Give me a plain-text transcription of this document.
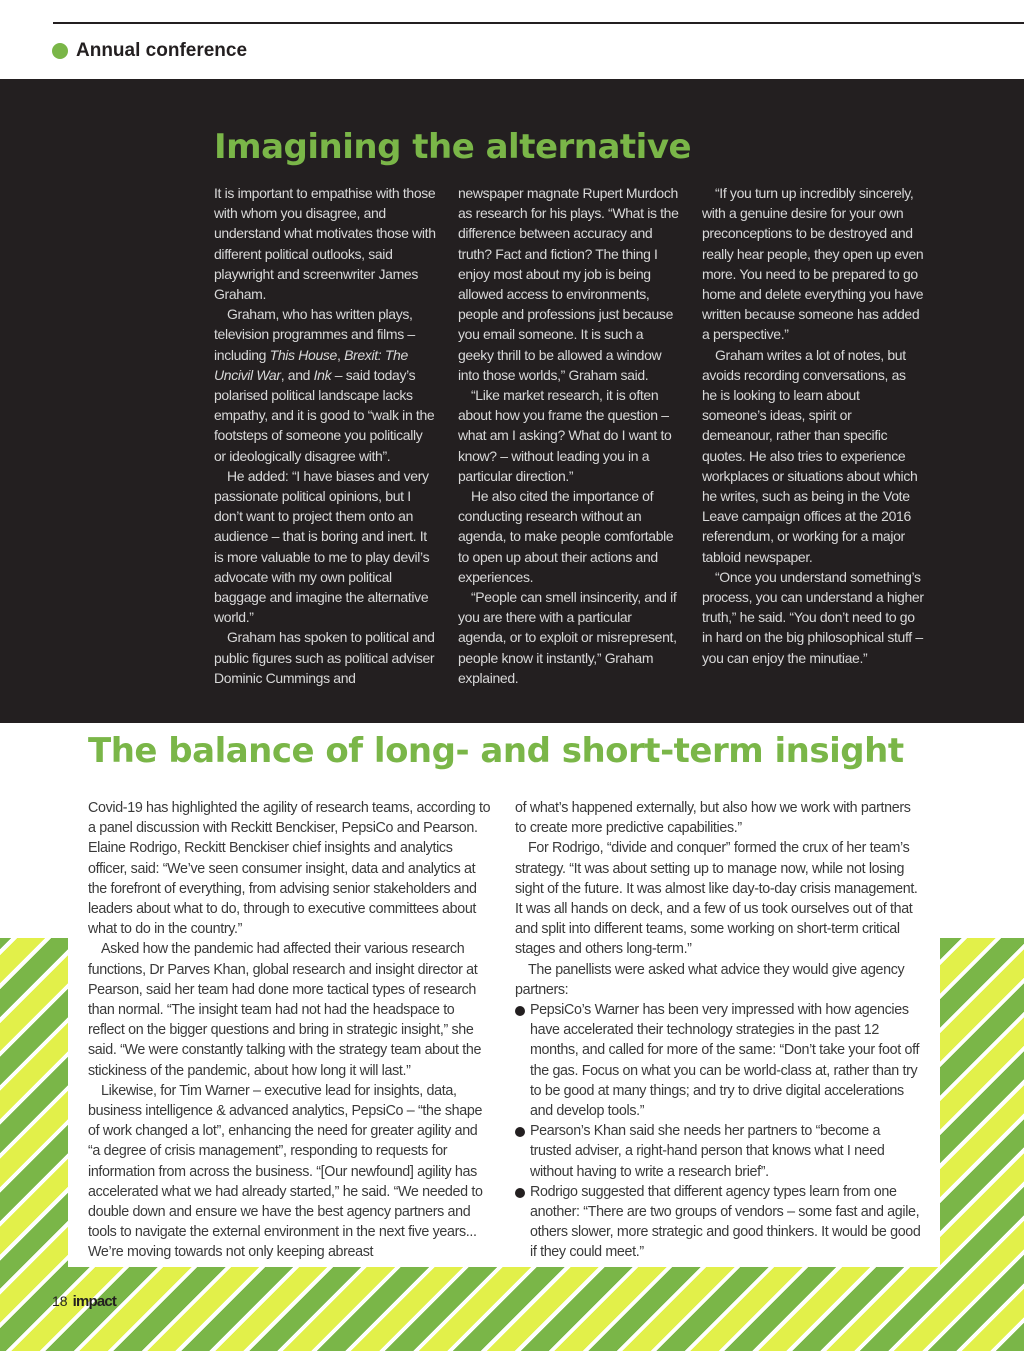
Annual conference
Imagining the alternative

It is important to empathise with those with whom you disagree, and understand what motivates those with different political outlooks, said playwright and screenwriter James Graham.

Graham, who has written plays, television programmes and films – including This House, Brexit: The Uncivil War, and Ink – said today’s polarised political landscape lacks empathy, and it is good to “walk in the footsteps of someone you politically or ideologically disagree with”.

He added: “I have biases and very passionate political opinions, but I don’t want to project them onto an audience – that is boring and inert. It is more valuable to me to play devil’s advocate with my own political baggage and imagine the alternative world.”

Graham has spoken to political and public figures such as political adviser Dominic Cummings and

newspaper magnate Rupert Murdoch as research for his plays. “What is the difference between accuracy and truth? Fact and fiction? The thing I enjoy most about my job is being allowed access to environments, people and professions just because you email someone. It is such a geeky thrill to be allowed a window into those worlds,” Graham said.

“Like market research, it is often about how you frame the question – what am I asking? What do I want to know? – without leading you in a particular direction.”

He also cited the importance of conducting research without an agenda, to make people comfortable to open up about their actions and experiences.

“People can smell insincerity, and if you are there with a particular agenda, or to exploit or misrepresent, people know it instantly,” Graham explained.

“If you turn up incredibly sincerely, with a genuine desire for your own preconceptions to be destroyed and really hear people, they open up even more. You need to be prepared to go home and delete everything you have written because someone has added a perspective.”

Graham writes a lot of notes, but avoids recording conversations, as he is looking to learn about someone’s ideas, spirit or demeanour, rather than specific quotes. He also tries to experience workplaces or situations about which he writes, such as being in the Vote Leave campaign offices at the 2016 referendum, or working for a major tabloid newspaper.

“Once you understand something’s process, you can understand a higher truth,” he said. “You don’t need to go in hard on the big philosophical stuff – you can enjoy the minutiae.”

The balance of long- and short-term insight

Covid-19 has highlighted the agility of research teams, according to a panel discussion with Reckitt Benckiser, PepsiCo and Pearson. Elaine Rodrigo, Reckitt Benckiser chief insights and analytics officer, said: “We’ve seen consumer insight, data and analytics at the forefront of everything, from advising senior stakeholders and leaders about what to do, through to executive committees about what to do in the country.”

Asked how the pandemic had affected their various research functions, Dr Parves Khan, global research and insight director at Pearson, said her team had done more tactical types of research than normal. “The insight team had not had the headspace to reflect on the bigger questions and bring in strategic insight,” she said. “We were constantly talking with the strategy team about the stickiness of the pandemic, about how long it will last.”

Likewise, for Tim Warner – executive lead for insights, data, business intelligence & advanced analytics, PepsiCo – “the shape of work changed a lot”, enhancing the need for greater agility and “a degree of crisis management”, responding to requests for information from across the business. “[Our newfound] agility has accelerated what we had already started,” he said. “We needed to double down and ensure we have the best agency partners and tools to navigate the external environment in the next five years... We’re moving towards not only keeping abreast

of what’s happened externally, but also how we work with partners to create more predictive capabilities.”

For Rodrigo, “divide and conquer” formed the crux of her team’s strategy. “It was about setting up to manage now, while not losing sight of the future. It was almost like day-to-day crisis management. It was all hands on deck, and a few of us took ourselves out of that and split into different teams, some working on short-term critical stages and others long-term.”

The panellists were asked what advice they would give agency partners:

PepsiCo’s Warner has been very impressed with how agencies have accelerated their technology strategies in the past 12 months, and called for more of the same: “Don’t take your foot off the gas. Focus on what you can be world-class at, rather than try to be good at many things; and try to drive digital accelerations and develop tools.”
Pearson’s Khan said she needs her partners to “become a trusted adviser, a right-hand person that knows what I need without having to write a research brief”.
Rodrigo suggested that different agency types learn from one another: “There are two groups of vendors – some fast and agile, others slower, more strategic and good thinkers. It would be good if they could meet.”
18 impact
